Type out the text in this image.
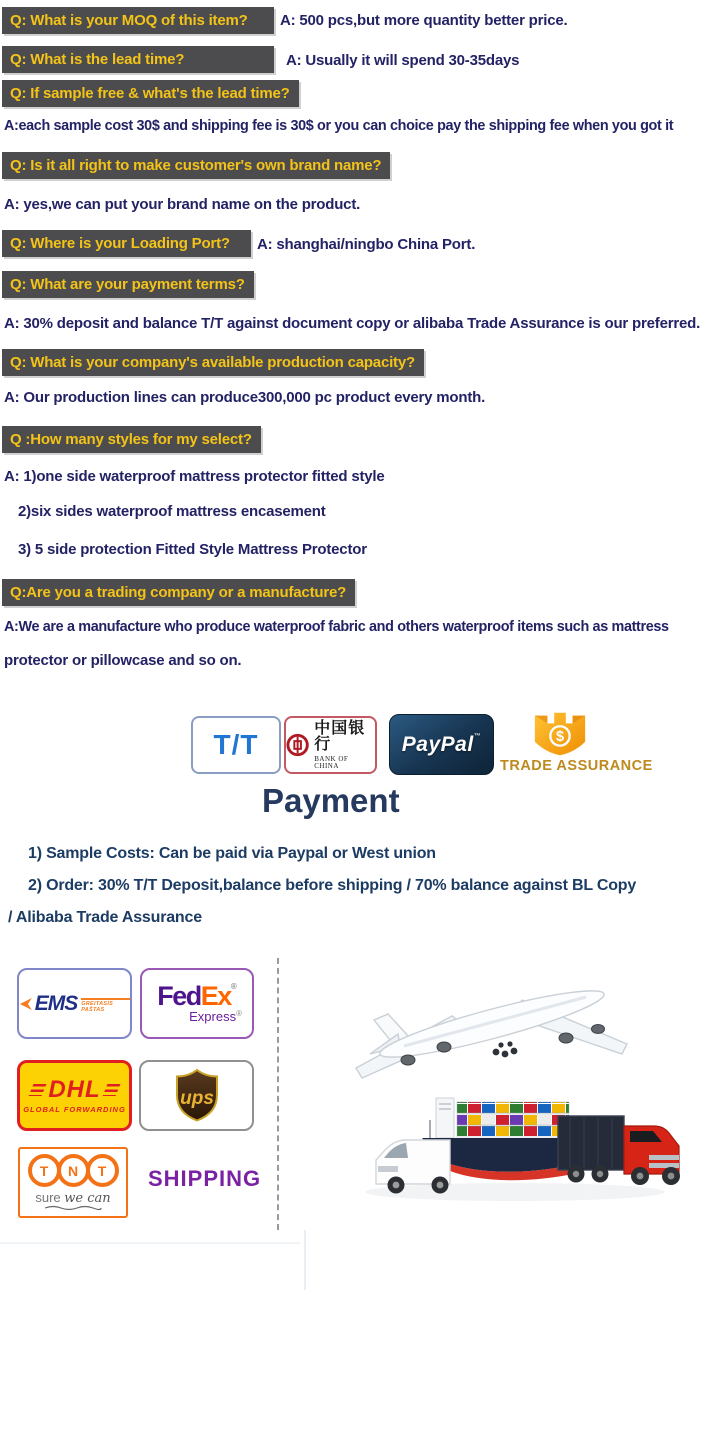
Q: What is your MOQ of this item?	A: 500 pcs,but more quantity better price.
Q: What is the lead time?	A: Usually it will spend 30-35days
Q: If sample free & what's the lead time?
A:each sample cost 30$ and shipping fee is 30$ or you can choice pay the shipping fee when you got it
Q: Is it all right to make customer's own brand name?
A: yes,we can put your brand name on the product.
Q: Where is your Loading Port?	A: shanghai/ningbo China Port.
Q: What are your payment terms?
A: 30% deposit and balance T/T against document copy or alibaba Trade Assurance is our preferred.
Q: What is your company's available production capacity?
A: Our production lines can produce300,000 pc product every month.
Q :How many styles for my select?
A: 1)one side waterproof mattress protector fitted style
2)six sides waterproof mattress encasement
3) 5 side protection Fitted Style Mattress Protector
Q:Are you a trading company or a manufacture?
A:We are a manufacture who produce waterproof fabric and others waterproof items such as mattress
protector or pillowcase and so on.
T/T
中国银行
BANK OF CHINA
PayPal™	$
TRADE ASSURANCE
Payment
1) Sample Costs: Can be paid via Paypal or West union
2) Order: 30% T/T Deposit,balance before shipping / 70% balance against BL Copy
/ Alibaba Trade Assurance
EMS GREITASIS PAŠTAS	FedEx®
Express®
DHL
GLOBAL FORWARDING
ups
T	N	T
sure we can
SHIPPING
